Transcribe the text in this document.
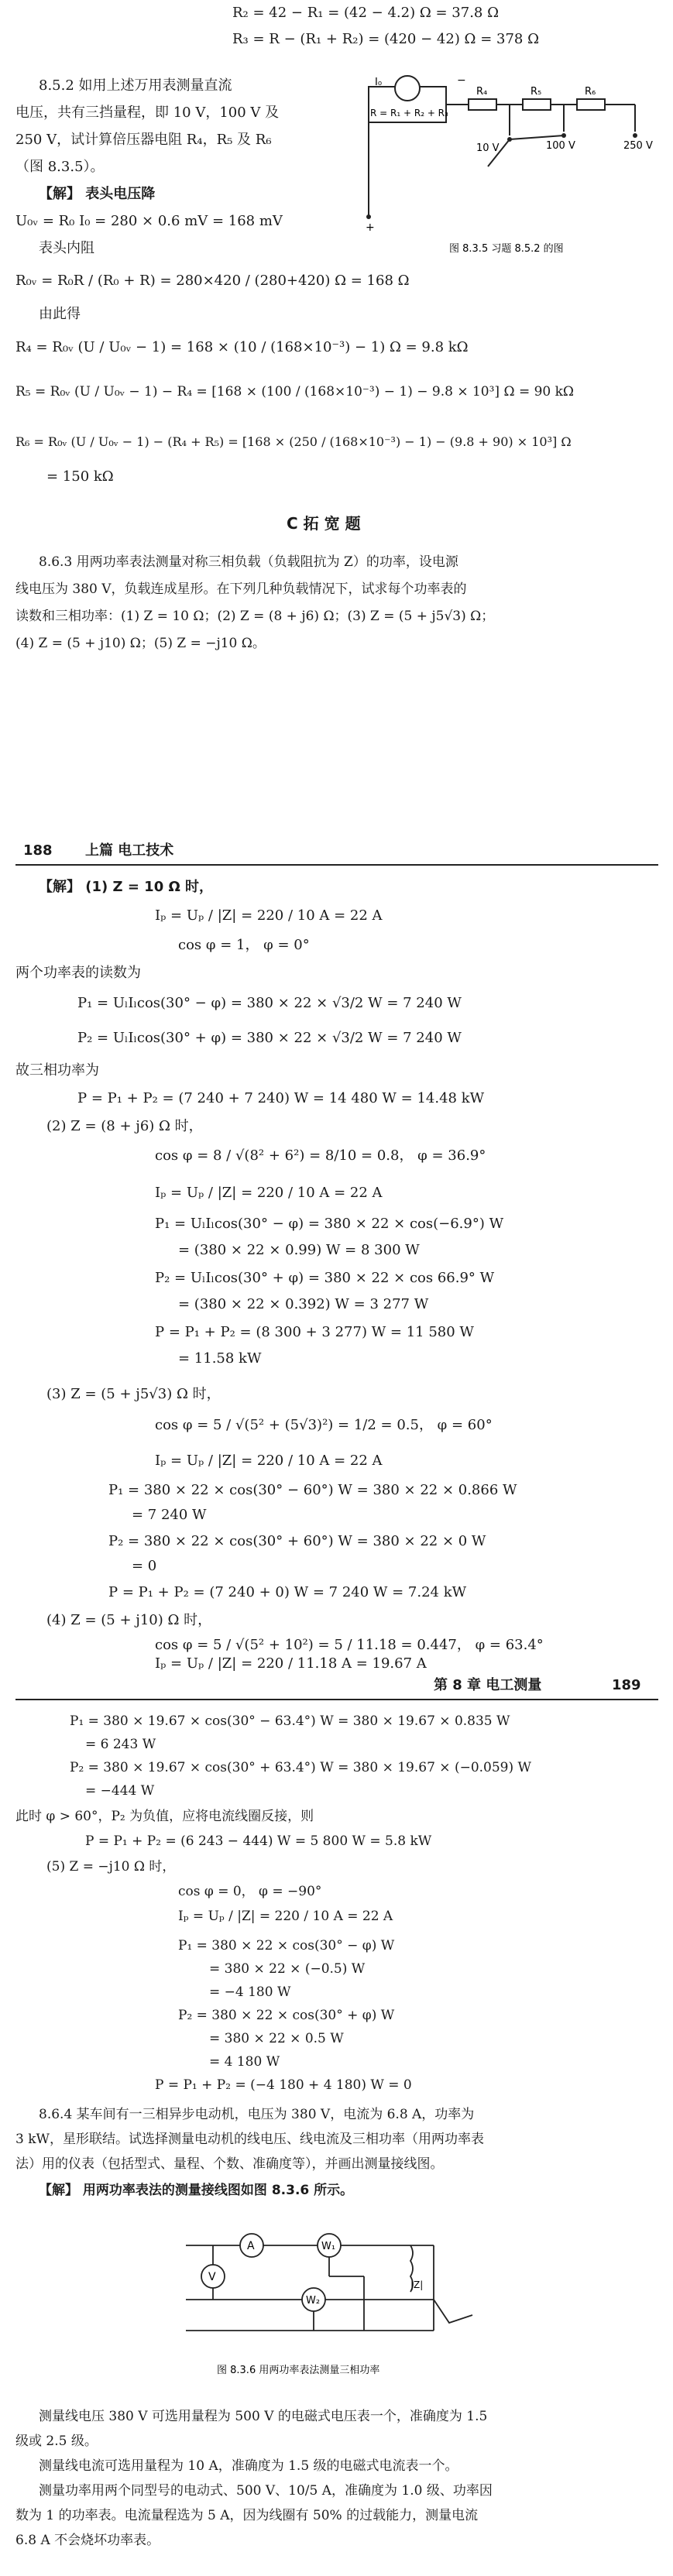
R₂ = 42 − R₁ = (42 − 4.2) Ω = 37.8 Ω
R₃ = R − (R₁ + R₂) = (420 − 42) Ω = 378 Ω
8.5.2 如用上述万用表测量直流
电压，共有三挡量程，即 10 V，100 V 及
250 V，试计算倍压器电阻 R₄，R₅ 及 R₆
（图 8.3.5）。
【解】 表头电压降
U₀ᵥ = R₀ I₀ = 280 × 0.6 mV = 168 mV
表头内阻
R₀ᵥ = R₀R / (R₀ + R) = 280×420 / (280+420) Ω = 168 Ω
由此得
R₄ = R₀ᵥ (U / U₀ᵥ − 1) = 168 × (10 / (168×10⁻³) − 1) Ω = 9.8 kΩ
R₅ = R₀ᵥ (U / U₀ᵥ − 1) − R₄ = [168 × (100 / (168×10⁻³) − 1) − 9.8 × 10³] Ω = 90 kΩ
R₆ = R₀ᵥ (U / U₀ᵥ − 1) − (R₄ + R₅) = [168 × (250 / (168×10⁻³) − 1) − (9.8 + 90) × 10³] Ω
= 150 kΩ
C 拓 宽 题
8.6.3 用两功率表法测量对称三相负载（负载阻抗为 Z）的功率，设电源
线电压为 380 V，负载连成星形。在下列几种负载情况下，试求每个功率表的
读数和三相功率：(1) Z = 10 Ω；(2) Z = (8 + j6) Ω；(3) Z = (5 + j5√3) Ω；
(4) Z = (5 + j10) Ω；(5) Z = −j10 Ω。
I₀
R = R₁ + R₂ + R₃
R₄	R₅	R₆
10 V	100 V	250 V
+
−
图 8.3.5 习题 8.5.2 的图
188 上篇 电工技术
【解】 (1) Z = 10 Ω 时，
Iₚ = Uₚ / |Z| = 220 / 10 A = 22 A
cos φ = 1， φ = 0°
两个功率表的读数为
P₁ = UₗIₗcos(30° − φ) = 380 × 22 × √3/2 W = 7 240 W
P₂ = UₗIₗcos(30° + φ) = 380 × 22 × √3/2 W = 7 240 W
故三相功率为
P = P₁ + P₂ = (7 240 + 7 240) W = 14 480 W = 14.48 kW
(2) Z = (8 + j6) Ω 时，
cos φ = 8 / √(8² + 6²) = 8/10 = 0.8， φ = 36.9°
Iₚ = Uₚ / |Z| = 220 / 10 A = 22 A
P₁ = UₗIₗcos(30° − φ) = 380 × 22 × cos(−6.9°) W
= (380 × 22 × 0.99) W = 8 300 W
P₂ = UₗIₗcos(30° + φ) = 380 × 22 × cos 66.9° W
= (380 × 22 × 0.392) W = 3 277 W
P = P₁ + P₂ = (8 300 + 3 277) W = 11 580 W
= 11.58 kW
(3) Z = (5 + j5√3) Ω 时，
cos φ = 5 / √(5² + (5√3)²) = 1/2 = 0.5， φ = 60°
Iₚ = Uₚ / |Z| = 220 / 10 A = 22 A
P₁ = 380 × 22 × cos(30° − 60°) W = 380 × 22 × 0.866 W
= 7 240 W
P₂ = 380 × 22 × cos(30° + 60°) W = 380 × 22 × 0 W
= 0
P = P₁ + P₂ = (7 240 + 0) W = 7 240 W = 7.24 kW
(4) Z = (5 + j10) Ω 时，
cos φ = 5 / √(5² + 10²) = 5 / 11.18 = 0.447， φ = 63.4°
Iₚ = Uₚ / |Z| = 220 / 11.18 A = 19.67 A
第 8 章 电工测量	189
P₁ = 380 × 19.67 × cos(30° − 63.4°) W = 380 × 19.67 × 0.835 W
= 6 243 W
P₂ = 380 × 19.67 × cos(30° + 63.4°) W = 380 × 19.67 × (−0.059) W
= −444 W
此时 φ > 60°，P₂ 为负值，应将电流线圈反接，则
P = P₁ + P₂ = (6 243 − 444) W = 5 800 W = 5.8 kW
(5) Z = −j10 Ω 时，
cos φ = 0， φ = −90°
Iₚ = Uₚ / |Z| = 220 / 10 A = 22 A
P₁ = 380 × 22 × cos(30° − φ) W
= 380 × 22 × (−0.5) W
= −4 180 W
P₂ = 380 × 22 × cos(30° + φ) W
= 380 × 22 × 0.5 W
= 4 180 W
P = P₁ + P₂ = (−4 180 + 4 180) W = 0
8.6.4 某车间有一三相异步电动机，电压为 380 V，电流为 6.8 A，功率为
3 kW，星形联结。试选择测量电动机的线电压、线电流及三相功率（用两功率表
法）用的仪表（包括型式、量程、个数、准确度等），并画出测量接线图。
【解】 用两功率表法的测量接线图如图 8.3.6 所示。
A
V
W₁
W₂
|Z|
图 8.3.6 用两功率表法测量三相功率
测量线电压 380 V 可选用量程为 500 V 的电磁式电压表一个，准确度为 1.5
级或 2.5 级。
测量线电流可选用量程为 10 A，准确度为 1.5 级的电磁式电流表一个。
测量功率用两个同型号的电动式、500 V、10/5 A，准确度为 1.0 级、功率因
数为 1 的功率表。电流量程选为 5 A，因为线圈有 50% 的过载能力，测量电流
6.8 A 不会烧坏功率表。
